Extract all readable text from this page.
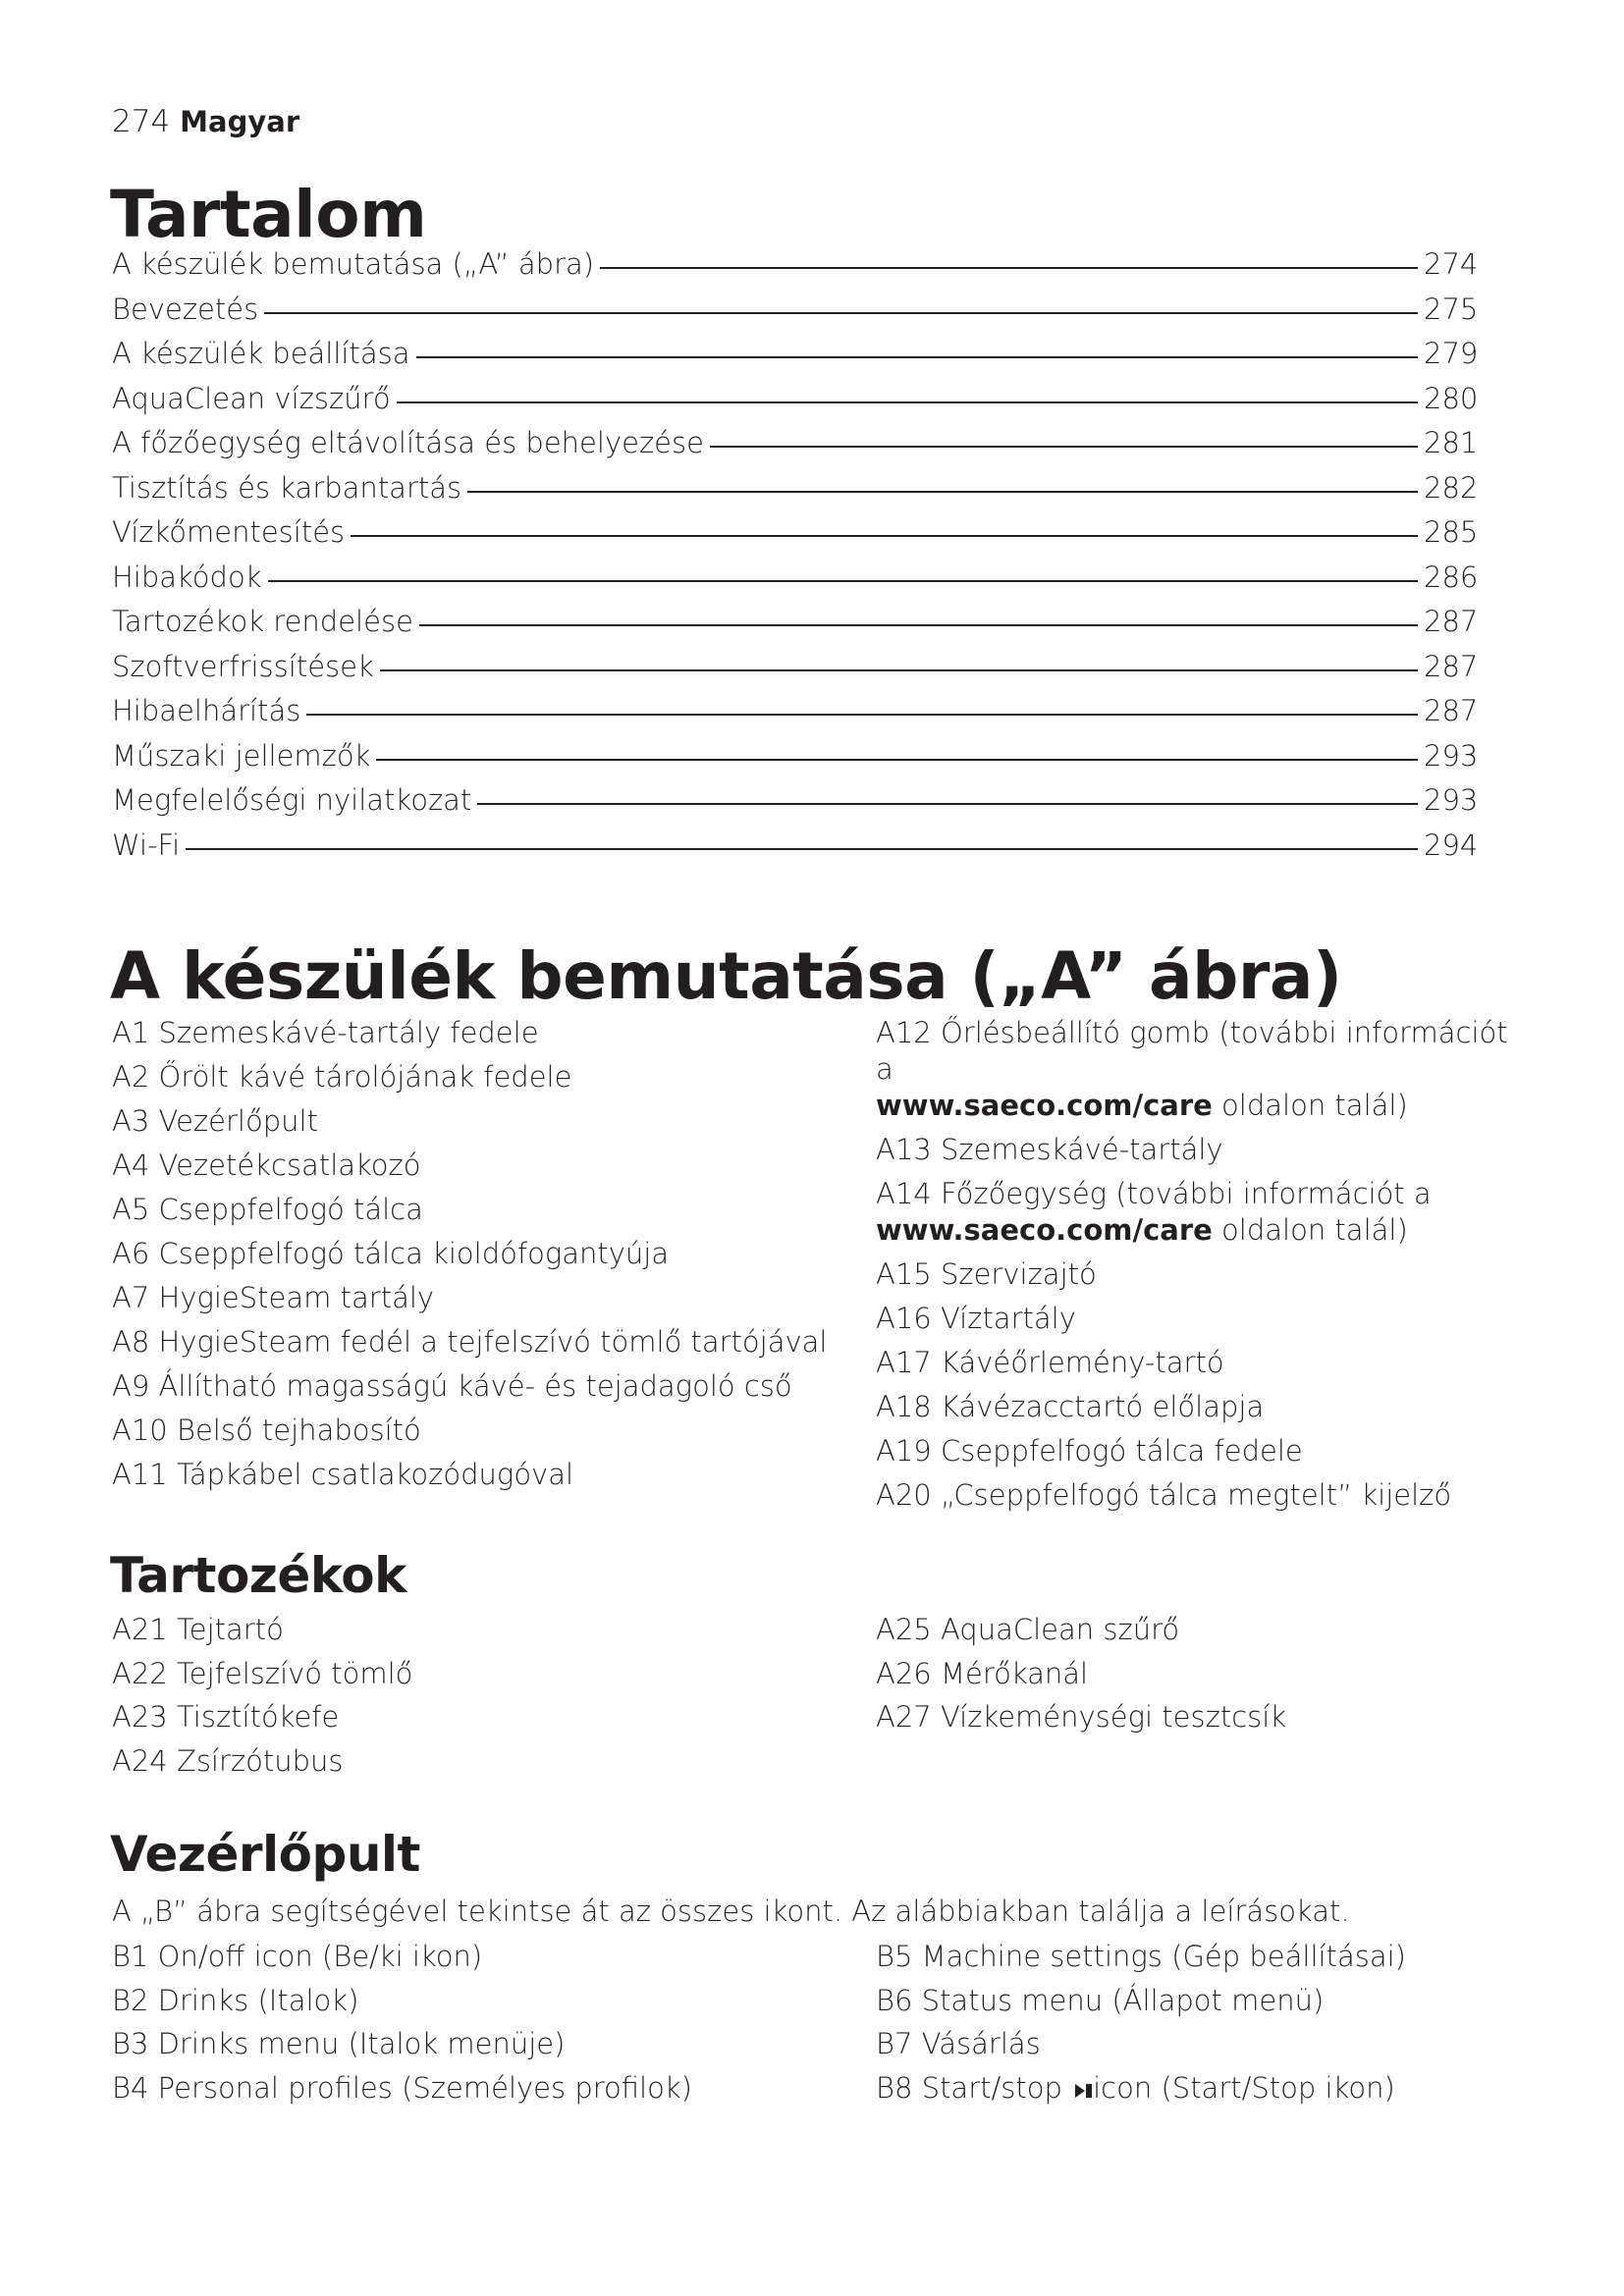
274 Magyar
Tartalom
A készülék bemutatása („A” ábra)	274
Bevezetés	275
A készülék beállítása	279
AquaClean vízszűrő	280
A főzőegység eltávolítása és behelyezése	281
Tisztítás és karbantartás	282
Vízkőmentesítés	285
Hibakódok	286
Tartozékok rendelése	287
Szoftverfrissítések	287
Hibaelhárítás	287
Műszaki jellemzők	293
Megfelelőségi nyilatkozat	293
Wi-Fi	294
A készülék bemutatása („A” ábra)
A1 Szemeskávé-tartály fedele
A2 Őrölt kávé tárolójának fedele
A3 Vezérlőpult
A4 Vezetékcsatlakozó
A5 Cseppfelfogó tálca
A6 Cseppfelfogó tálca kioldófogantyúja
A7 HygieSteam tartály
A8 HygieSteam fedél a tejfelszívó tömlő tartójával
A9 Állítható magasságú kávé- és tejadagoló cső
A10 Belső tejhabosító
A11 Tápkábel csatlakozódugóval
A12 Őrlésbeállító gomb (további információt a
www.saeco.com/care oldalon talál)
A13 Szemeskávé-tartály
A14 Főzőegység (további információt a
www.saeco.com/care oldalon talál)
A15 Szervizajtó
A16 Víztartály
A17 Kávéőrlemény-tartó
A18 Kávézacctartó előlapja
A19 Cseppfelfogó tálca fedele
A20 „Cseppfelfogó tálca megtelt” kijelző
Tartozékok
A21 Tejtartó
A22 Tejfelszívó tömlő
A23 Tisztítókefe
A24 Zsírzótubus
A25 AquaClean szűrő
A26 Mérőkanál
A27 Vízkeménységi tesztcsík
Vezérlőpult
A „B” ábra segítségével tekintse át az összes ikont. Az alábbiakban találja a leírásokat.
B1 On/off icon (Be/ki ikon)
B2 Drinks (Italok)
B3 Drinks menu (Italok menüje)
B4 Personal profiles (Személyes profilok)
B5 Machine settings (Gép beállításai)
B6 Status menu (Állapot menü)
B7 Vásárlás
B8 Start/stop icon (Start/Stop ikon)
